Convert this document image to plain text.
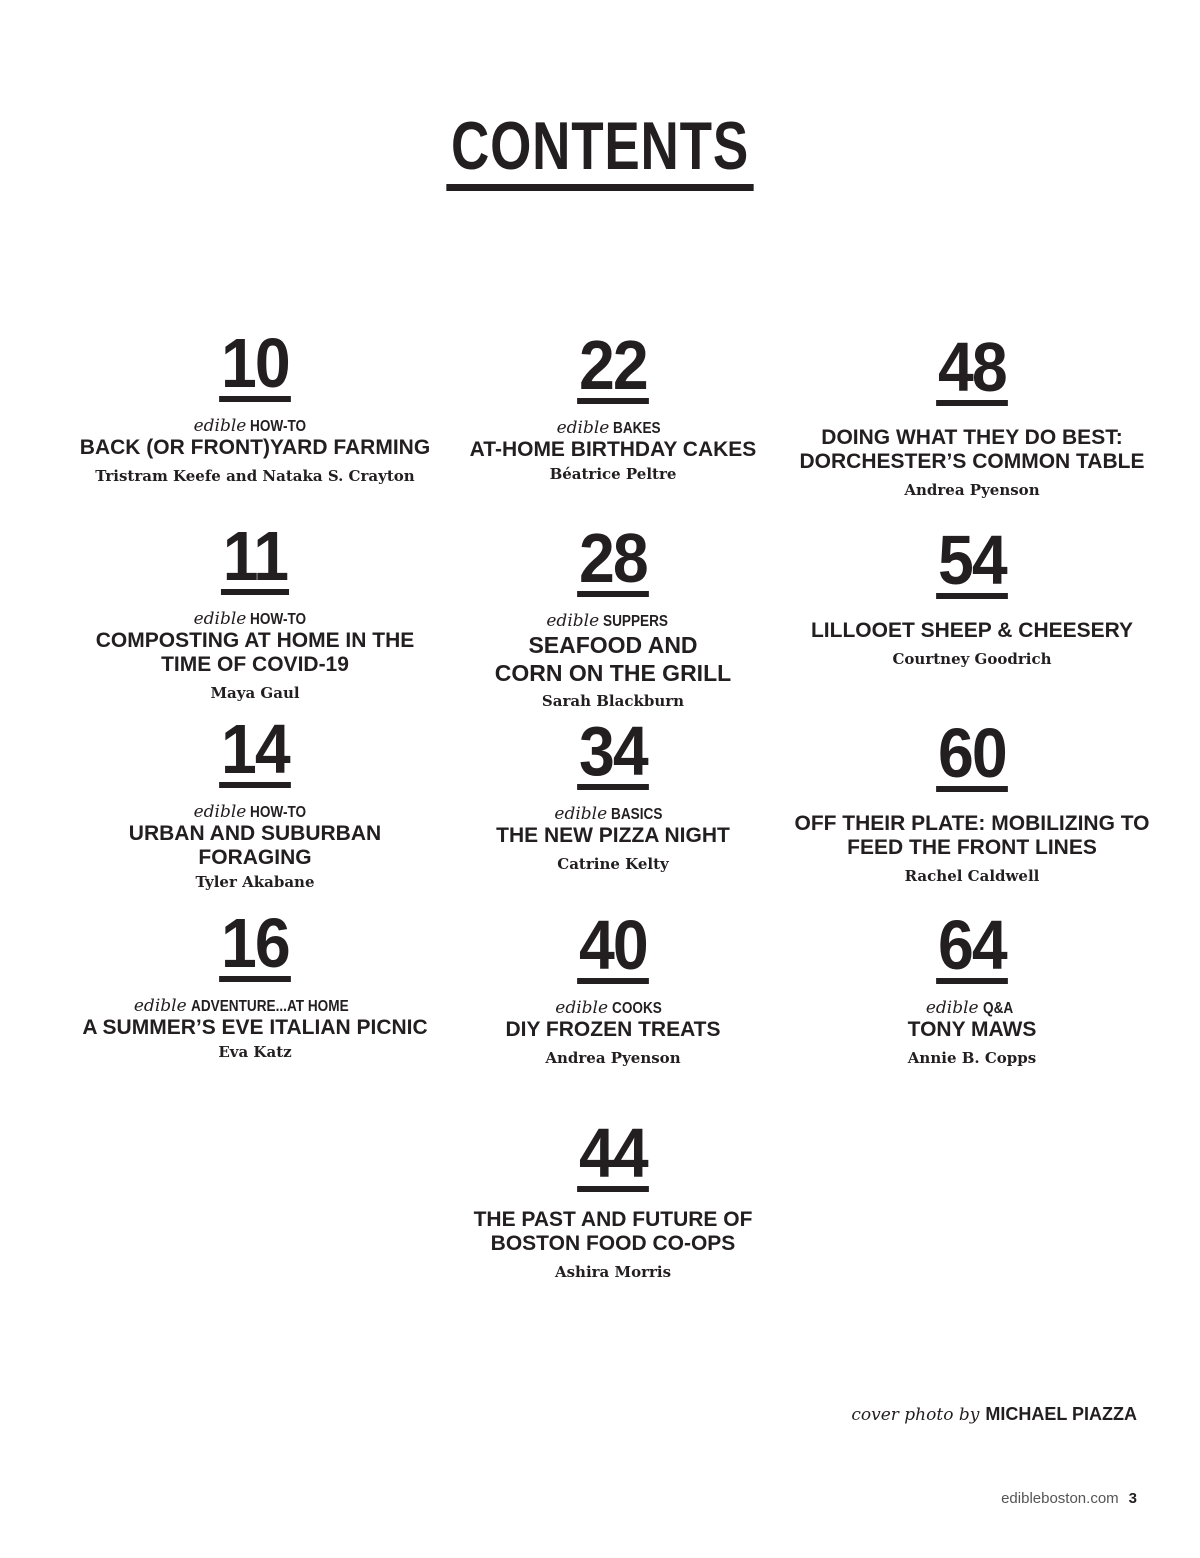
CONTENTS
10
edible HOW-TO
BACK (OR FRONT)YARD FARMING
Tristram Keefe and Nataka S. Crayton
11
edible HOW-TO
COMPOSTING AT HOME IN THE TIME OF COVID-19
Maya Gaul
14
edible HOW-TO
URBAN AND SUBURBAN FORAGING
Tyler Akabane
16
edible ADVENTURE...AT HOME
A SUMMER’S EVE ITALIAN PICNIC
Eva Katz
22
edible BAKES
AT-HOME BIRTHDAY CAKES
Béatrice Peltre
28
edible SUPPERS
SEAFOOD AND CORN ON THE GRILL
Sarah Blackburn
34
edible BASICS
THE NEW PIZZA NIGHT
Catrine Kelty
40
edible COOKS
DIY FROZEN TREATS
Andrea Pyenson
44
THE PAST AND FUTURE OF BOSTON FOOD CO-OPS
Ashira Morris
48
DOING WHAT THEY DO BEST: DORCHESTER’S COMMON TABLE
Andrea Pyenson
54
LILLOOET SHEEP & CHEESERY
Courtney Goodrich
60
OFF THEIR PLATE: MOBILIZING TO FEED THE FRONT LINES
Rachel Caldwell
64
edible Q&A
TONY MAWS
Annie B. Copps
cover photo by MICHAEL PIAZZA
edibleboston.com 3
